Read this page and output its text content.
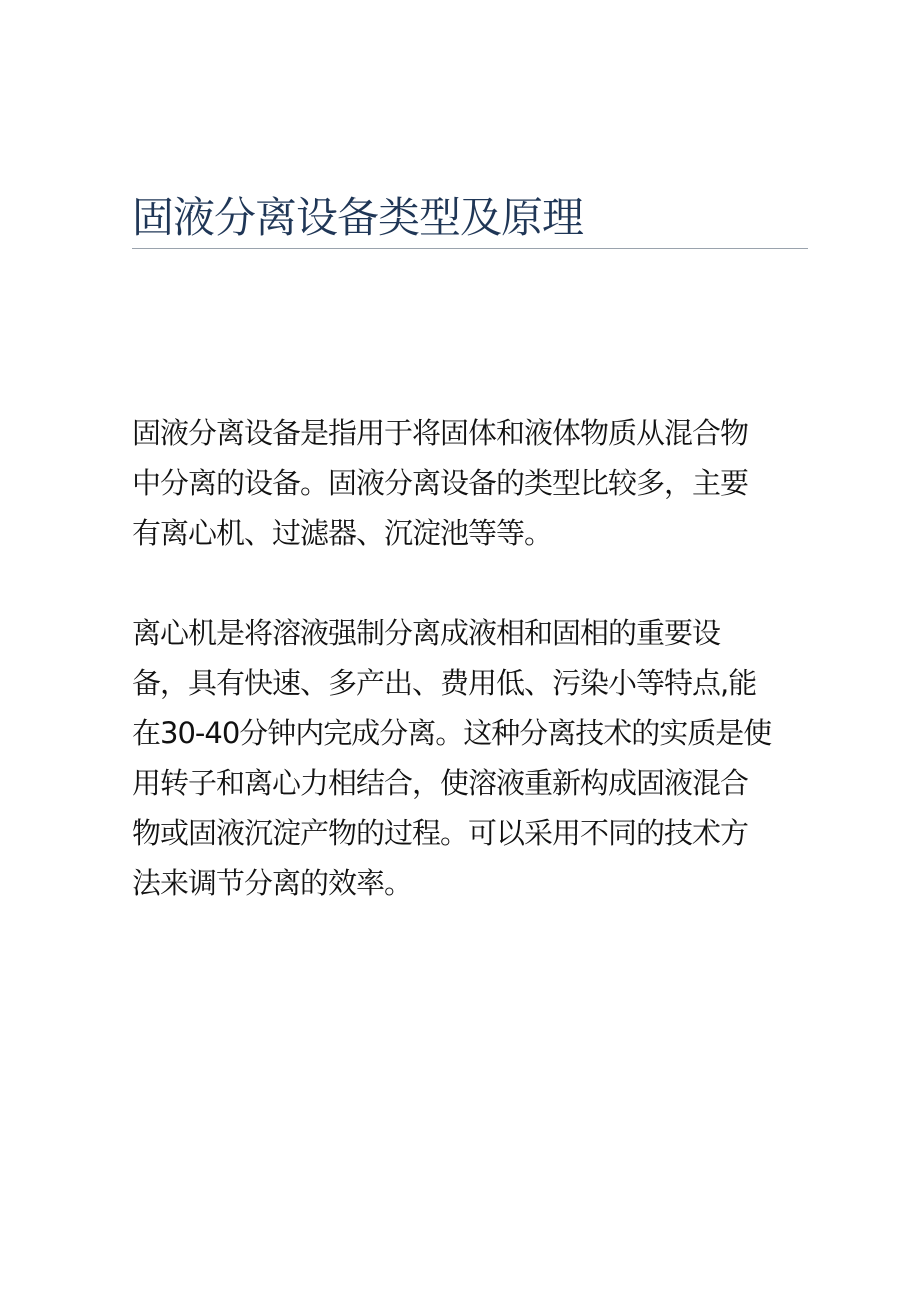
固液分离设备类型及原理

固液分离设备是指用于将固体和液体物质从混合物
中分离的设备。固液分离设备的类型比较多，主要
有离心机、过滤器、沉淀池等等。

离心机是将溶液强制分离成液相和固相的重要设
备，具有快速、多产出、费用低、污染小等特点,能
在30-40分钟内完成分离。这种分离技术的实质是使
用转子和离心力相结合，使溶液重新构成固液混合
物或固液沉淀产物的过程。可以采用不同的技术方
法来调节分离的效率。
